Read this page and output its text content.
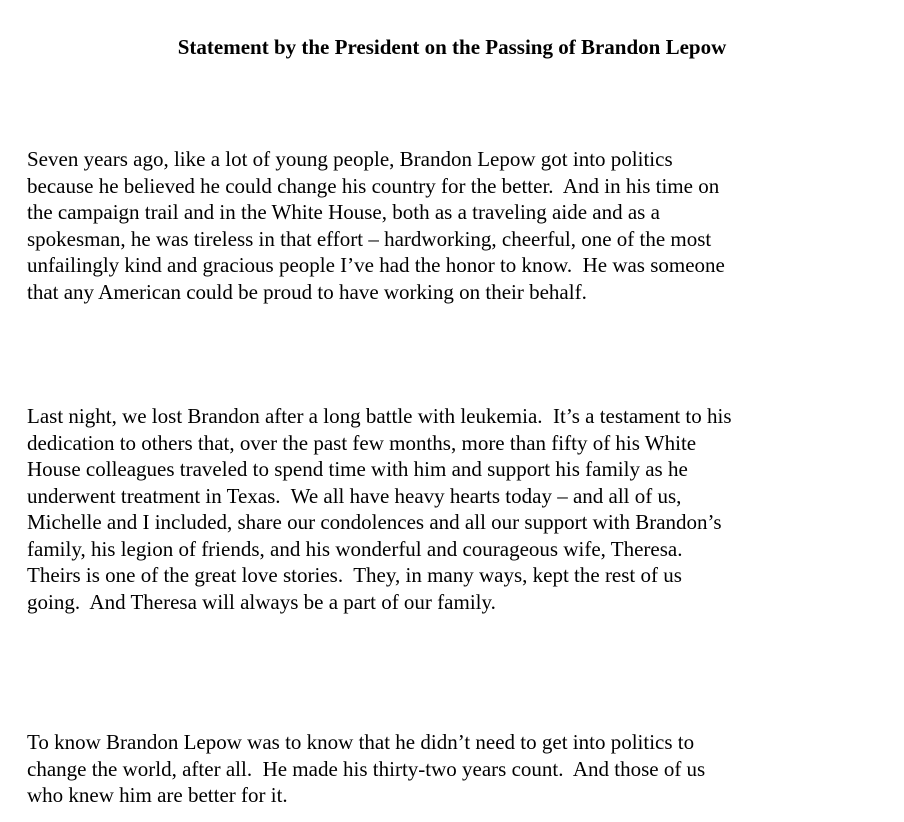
Statement by the President on the Passing of Brandon Lepow

Seven years ago, like a lot of young people, Brandon Lepow got into politics
because he believed he could change his country for the better.  And in his time on
the campaign trail and in the White House, both as a traveling aide and as a
spokesman, he was tireless in that effort – hardworking, cheerful, one of the most
unfailingly kind and gracious people I’ve had the honor to know.  He was someone
that any American could be proud to have working on their behalf.

Last night, we lost Brandon after a long battle with leukemia.  It’s a testament to his
dedication to others that, over the past few months, more than fifty of his White
House colleagues traveled to spend time with him and support his family as he
underwent treatment in Texas.  We all have heavy hearts today – and all of us,
Michelle and I included, share our condolences and all our support with Brandon’s
family, his legion of friends, and his wonderful and courageous wife, Theresa.
Theirs is one of the great love stories.  They, in many ways, kept the rest of us
going.  And Theresa will always be a part of our family.

To know Brandon Lepow was to know that he didn’t need to get into politics to
change the world, after all.  He made his thirty-two years count.  And those of us
who knew him are better for it.
